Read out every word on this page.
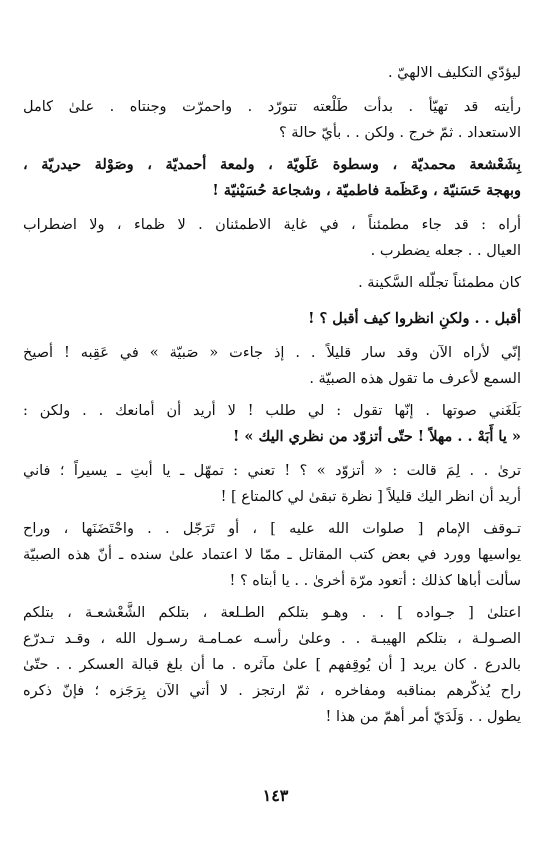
ليؤدّي التكليف الالهيّ .

رأيته قد تهيّأ . بدأت طَلْعته تتورّد . واحمرّت وجنتاه . علىٰ كامل
الاستعداد . ثمّ خرج . ولكن . . بأيّ حالة ؟

بِشَعْشعة محمديّة ، وسطوة عَلَويّة ، ولمعة أحمديّة ، وصَوْلة حيدريّة ،
وبهجة حَسَنيّة ، وعَظَمة فاطميّة ، وشجاعة حُسَيْنيّة !

أراه : قد جاء مطمئناً ، في غاية الاطمئنان . لا ظماء ، ولا اضطراب
العيال . . جعله يضطرب .

كان مطمئناً تجلّله السَّكينة .

أقبل . . ولكنِ انظروا كيف أقبل ؟ !

إنّي لأراه الآن وقد سار قليلاً . . إذ جاءت « صَبيّة » في عَقِبه ! أصيخ
السمع لأعرف ما تقول هذه الصبيّة .

بَلَغَني صوتها . إنّها تقول : لي طلب ! لا أريد أن أمانعك . . ولكن :

« يا أَبَهْ . . مهلاً ! حتّى أتزوّد من نظري اليك » !

ترىٰ . . لِمَ قالت : « أتزوّد » ؟ ! تعني : تمهّل ـ يا أبتِ ـ يسيراً ؛ فاني
أريد أن انظر اليك قليلاً [ نظرة تبقىٰ لي كالمتاع ] !

تـوقف الإمام [ صلوات الله عليه ] ، أو تَرَجّل . . واحْتَضَنَها ، وراح
يواسيها وورد في بعض كتب المقاتل ـ ممّا لا اعتماد علىٰ سنده ـ أنّ هذه الصبيّة
سألت أباها كذلك : أتعود مرّة أخرىٰ . . يا أبتاه ؟ !

اعتلىٰ [ جـواده ] . . وهـو بتلكم الطـلعة ، بتلكم الشَّعْشعـة ، بتلكم
الصـولـة ، بتلكم الهيبـة . . وعلىٰ رأسـه عمـامـة رسـول الله ، وقـد تـدرّع
بالدرع . كان يريد [ أن يُوقِفهم ] علىٰ مآثره . ما أن بلغ قبالة العسكر . . حتّىٰ
راح يُذكّرهم بمناقبه ومفاخره ، ثمّ ارتجز . لا أتي الآن بِرَجَزه ؛ فإنّ ذكره
يطول . . وَلَدَيّ أمر أهمّ من هذا !

١٤٣
